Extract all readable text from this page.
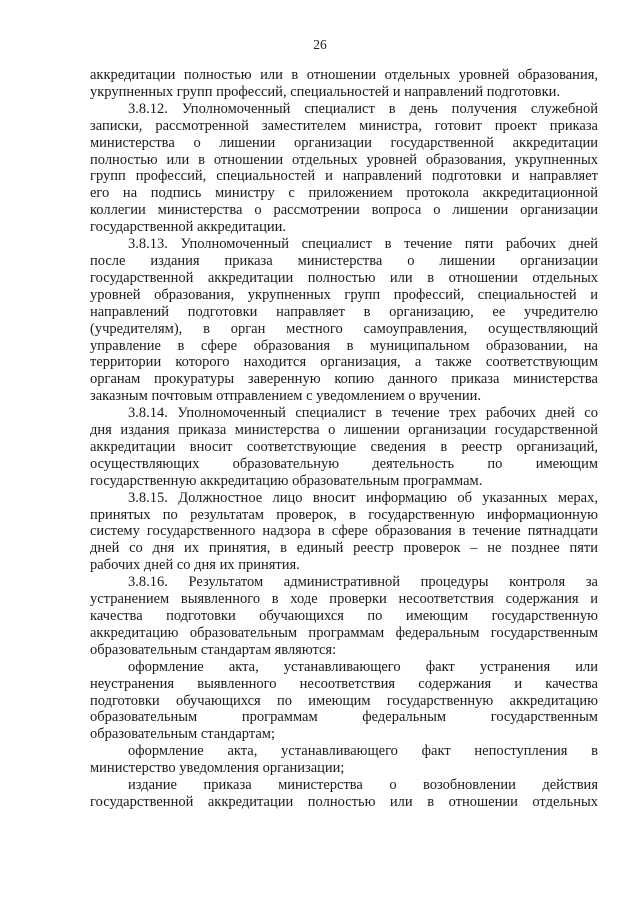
26
аккредитации полностью или в отношении отдельных уровней образования,
укрупненных групп профессий, специальностей и направлений подготовки.
3.8.12. Уполномоченный специалист в день получения служебной
записки, рассмотренной заместителем министра, готовит проект приказа
министерства о лишении организации государственной аккредитации
полностью или в отношении отдельных уровней образования, укрупненных
групп профессий, специальностей и направлений подготовки и направляет
его на подпись министру с приложением протокола аккредитационной
коллегии министерства о рассмотрении вопроса о лишении организации
государственной аккредитации.
3.8.13. Уполномоченный специалист в течение пяти рабочих дней
после издания приказа министерства о лишении организации
государственной аккредитации полностью или в отношении отдельных
уровней образования, укрупненных групп профессий, специальностей и
направлений подготовки направляет в организацию, ее учредителю
(учредителям), в орган местного самоуправления, осуществляющий
управление в сфере образования в муниципальном образовании, на
территории которого находится организация, а также соответствующим
органам прокуратуры заверенную копию данного приказа министерства
заказным почтовым отправлением с уведомлением о вручении.
3.8.14. Уполномоченный специалист в течение трех рабочих дней со
дня издания приказа министерства о лишении организации государственной
аккредитации вносит соответствующие сведения в реестр организаций,
осуществляющих образовательную деятельность по имеющим
государственную аккредитацию образовательным программам.
3.8.15. Должностное лицо вносит информацию об указанных мерах,
принятых по результатам проверок, в государственную информационную
систему государственного надзора в сфере образования в течение пятнадцати
дней со дня их принятия, в единый реестр проверок – не позднее пяти
рабочих дней со дня их принятия.
3.8.16. Результатом административной процедуры контроля за
устранением выявленного в ходе проверки несоответствия содержания и
качества подготовки обучающихся по имеющим государственную
аккредитацию образовательным программам федеральным государственным
образовательным стандартам являются:
оформление акта, устанавливающего факт устранения или
неустранения выявленного несоответствия содержания и качества
подготовки обучающихся по имеющим государственную аккредитацию
образовательным программам федеральным государственным
образовательным стандартам;
оформление акта, устанавливающего факт непоступления в
министерство уведомления организации;
издание приказа министерства о возобновлении действия
государственной аккредитации полностью или в отношении отдельных
